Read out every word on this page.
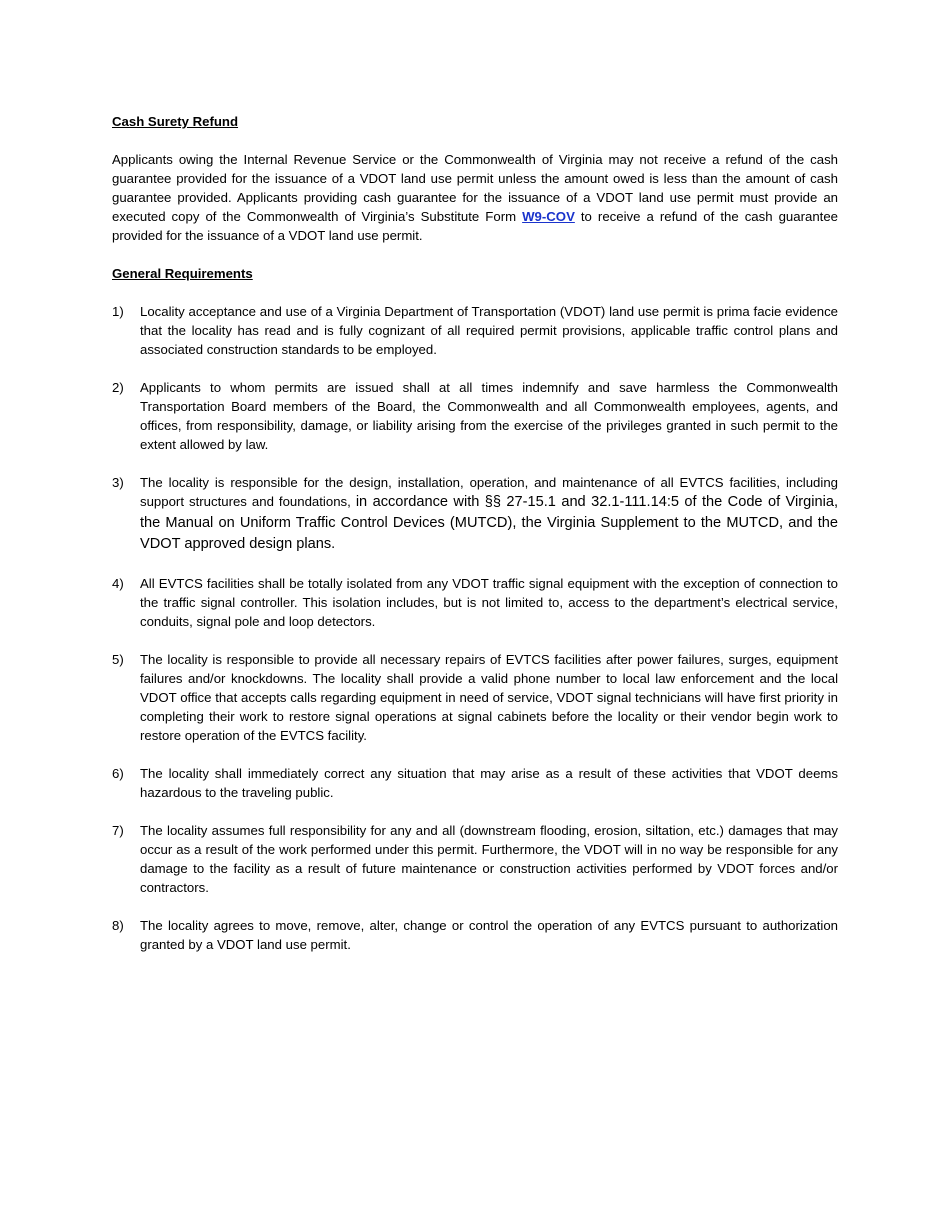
Cash Surety Refund

Applicants owing the Internal Revenue Service or the Commonwealth of Virginia may not receive a refund of the cash guarantee provided for the issuance of a VDOT land use permit unless the amount owed is less than the amount of cash guarantee provided. Applicants providing cash guarantee for the issuance of a VDOT land use permit must provide an executed copy of the Commonwealth of Virginia’s Substitute Form W9-COV to receive a refund of the cash guarantee provided for the issuance of a VDOT land use permit.

General Requirements
1) Locality acceptance and use of a Virginia Department of Transportation (VDOT) land use permit is prima facie evidence that the locality has read and is fully cognizant of all required permit provisions, applicable traffic control plans and associated construction standards to be employed.
2) Applicants to whom permits are issued shall at all times indemnify and save harmless the Commonwealth Transportation Board members of the Board, the Commonwealth and all Commonwealth employees, agents, and offices, from responsibility, damage, or liability arising from the exercise of the privileges granted in such permit to the extent allowed by law.
3) The locality is responsible for the design, installation, operation, and maintenance of all EVTCS facilities, including support structures and foundations, in accordance with §§ 27-15.1 and 32.1-111.14:5 of the Code of Virginia, the Manual on Uniform Traffic Control Devices (MUTCD), the Virginia Supplement to the MUTCD, and the VDOT approved design plans.
4) All EVTCS facilities shall be totally isolated from any VDOT traffic signal equipment with the exception of connection to the traffic signal controller. This isolation includes, but is not limited to, access to the department’s electrical service, conduits, signal pole and loop detectors.
5) The locality is responsible to provide all necessary repairs of EVTCS facilities after power failures, surges, equipment failures and/or knockdowns. The locality shall provide a valid phone number to local law enforcement and the local VDOT office that accepts calls regarding equipment in need of service, VDOT signal technicians will have first priority in completing their work to restore signal operations at signal cabinets before the locality or their vendor begin work to restore operation of the EVTCS facility.
6) The locality shall immediately correct any situation that may arise as a result of these activities that VDOT deems hazardous to the traveling public.
7) The locality assumes full responsibility for any and all (downstream flooding, erosion, siltation, etc.) damages that may occur as a result of the work performed under this permit. Furthermore, the VDOT will in no way be responsible for any damage to the facility as a result of future maintenance or construction activities performed by VDOT forces and/or contractors.
8) The locality agrees to move, remove, alter, change or control the operation of any EVTCS pursuant to authorization granted by a VDOT land use permit.
